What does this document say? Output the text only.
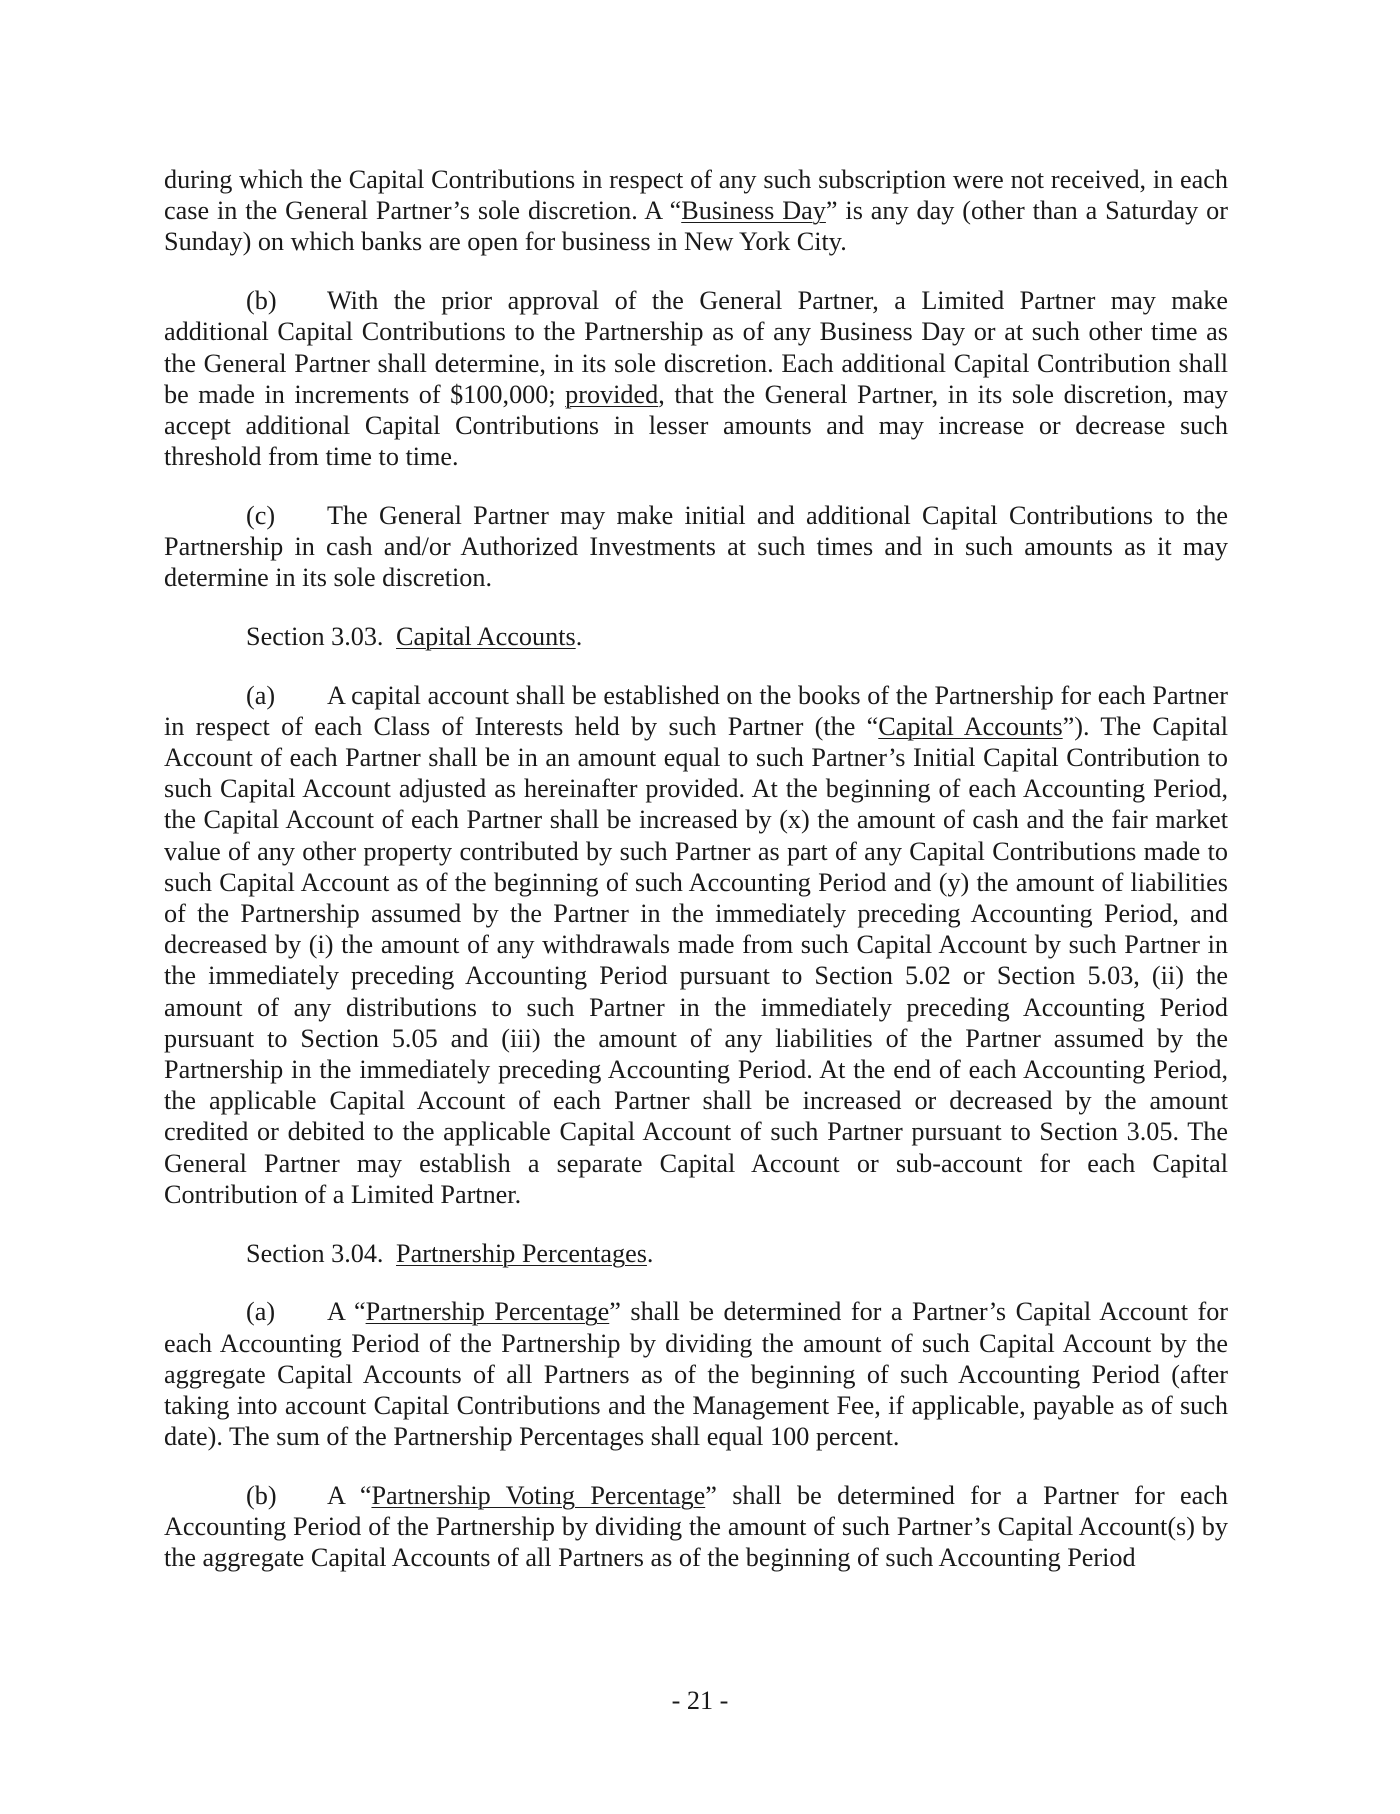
during which the Capital Contributions in respect of any such subscription were not received, in each case in the General Partner’s sole discretion. A “Business Day” is any day (other than a Saturday or Sunday) on which banks are open for business in New York City.

(b) With the prior approval of the General Partner, a Limited Partner may make additional Capital Contributions to the Partnership as of any Business Day or at such other time as the General Partner shall determine, in its sole discretion. Each additional Capital Contribution shall be made in increments of $100,000; provided, that the General Partner, in its sole discretion, may accept additional Capital Contributions in lesser amounts and may increase or decrease such threshold from time to time.

(c) The General Partner may make initial and additional Capital Contributions to the Partnership in cash and/or Authorized Investments at such times and in such amounts as it may determine in its sole discretion.

Section 3.03. Capital Accounts.

(a) A capital account shall be established on the books of the Partnership for each Partner in respect of each Class of Interests held by such Partner (the “Capital Accounts”). The Capital Account of each Partner shall be in an amount equal to such Partner’s Initial Capital Contribution to such Capital Account adjusted as hereinafter provided. At the beginning of each Accounting Period, the Capital Account of each Partner shall be increased by (x) the amount of cash and the fair market value of any other property contributed by such Partner as part of any Capital Contributions made to such Capital Account as of the beginning of such Accounting Period and (y) the amount of liabilities of the Partnership assumed by the Partner in the immediately preceding Accounting Period, and decreased by (i) the amount of any withdrawals made from such Capital Account by such Partner in the immediately preceding Accounting Period pursuant to Section 5.02 or Section 5.03, (ii) the amount of any distributions to such Partner in the immediately preceding Accounting Period pursuant to Section 5.05 and (iii) the amount of any liabilities of the Partner assumed by the Partnership in the immediately preceding Accounting Period. At the end of each Accounting Period, the applicable Capital Account of each Partner shall be increased or decreased by the amount credited or debited to the applicable Capital Account of such Partner pursuant to Section 3.05. The General Partner may establish a separate Capital Account or sub-account for each Capital Contribution of a Limited Partner.

Section 3.04. Partnership Percentages.

(a) A “Partnership Percentage” shall be determined for a Partner’s Capital Account for each Accounting Period of the Partnership by dividing the amount of such Capital Account by the aggregate Capital Accounts of all Partners as of the beginning of such Accounting Period (after taking into account Capital Contributions and the Management Fee, if applicable, payable as of such date). The sum of the Partnership Percentages shall equal 100 percent.

(b) A “Partnership Voting Percentage” shall be determined for a Partner for each Accounting Period of the Partnership by dividing the amount of such Partner’s Capital Account(s) by the aggregate Capital Accounts of all Partners as of the beginning of such Accounting Period

- 21 -
